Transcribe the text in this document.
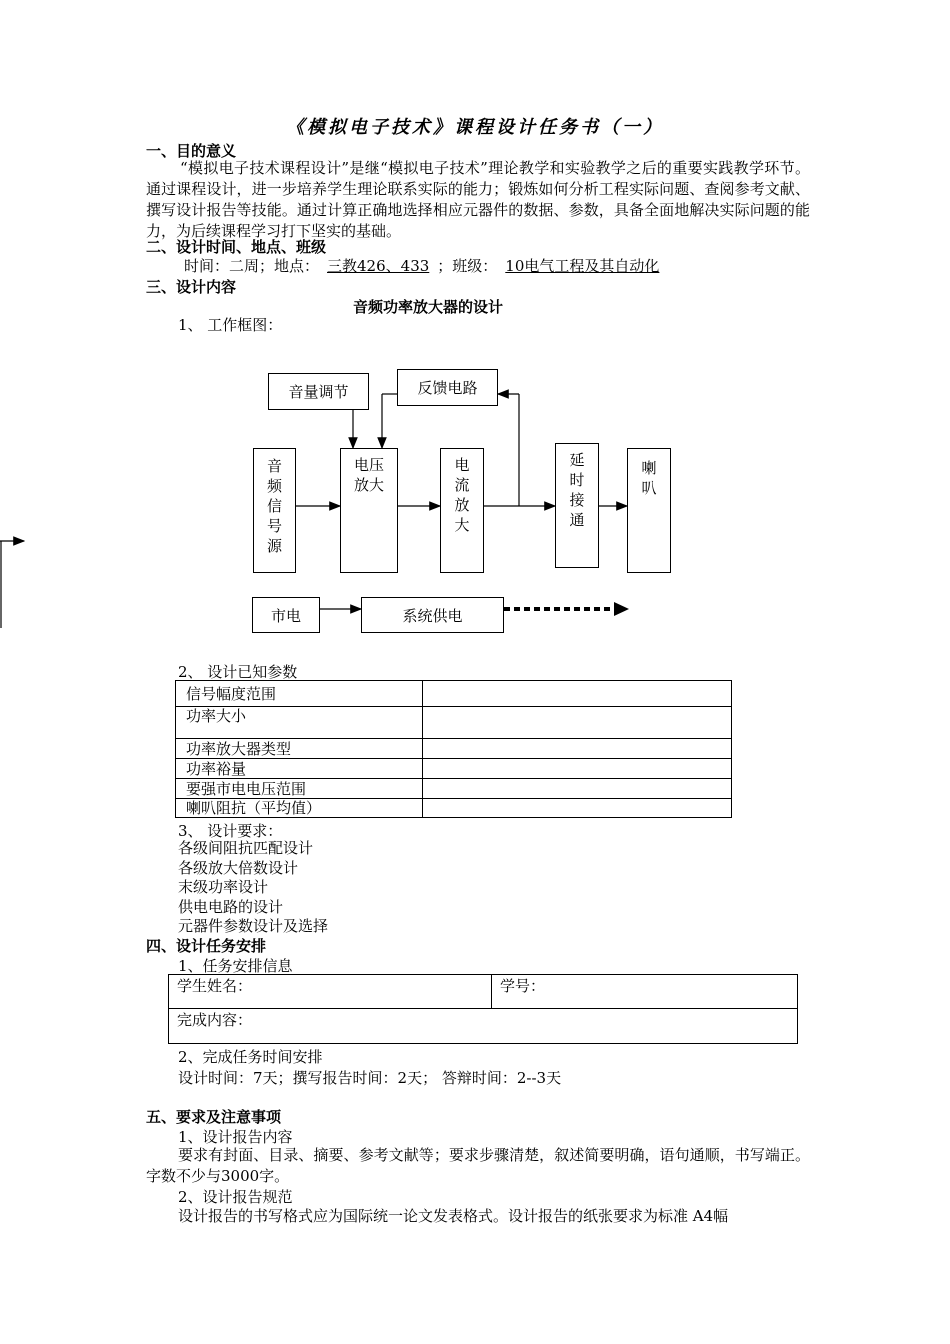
《模拟电子技术》课程设计任务书（一）
一、目的意义
“模拟电子技术课程设计”是继“模拟电子技术”理论教学和实验教学之后的重要实践教学环节。通过课程设计，进一步培养学生理论联系实际的能力；锻炼如何分析工程实际问题、查阅参考文献、撰写设计报告等技能。通过计算正确地选择相应元器件的数据、参数，具备全面地解决实际问题的能力，为后续课程学习打下坚实的基础。
二、设计时间、地点、班级
时间：二周；地点： 三教426、433 ；班级： 10电气工程及其自动化
三、设计内容
音频功率放大器的设计
1、 工作框图：
音量调节	反馈电路
音
频
信
号
源
电压
放大
电
流
放
大
延
时
接
通
喇
叭
市电	系统供电
2、 设计已知参数
信号幅度范围	
功率大小	
功率放大器类型	
功率裕量	
要强市电电压范围	
喇叭阻抗（平均值）	
3、 设计要求：
各级间阻抗匹配设计
各级放大倍数设计
末级功率设计
供电电路的设计
元器件参数设计及选择
四、设计任务安排
1、任务安排信息
学生姓名：	学号：
完成内容：
2、完成任务时间安排
设计时间：7天；撰写报告时间：2天； 答辩时间：2--3天
五、要求及注意事项
1、设计报告内容
要求有封面、目录、摘要、参考文献等；要求步骤清楚，叙述简要明确，语句通顺，书写端正。字数不少与3000字。
2、设计报告规范
设计报告的书写格式应为国际统一论文发表格式。设计报告的纸张要求为标准 A4幅
